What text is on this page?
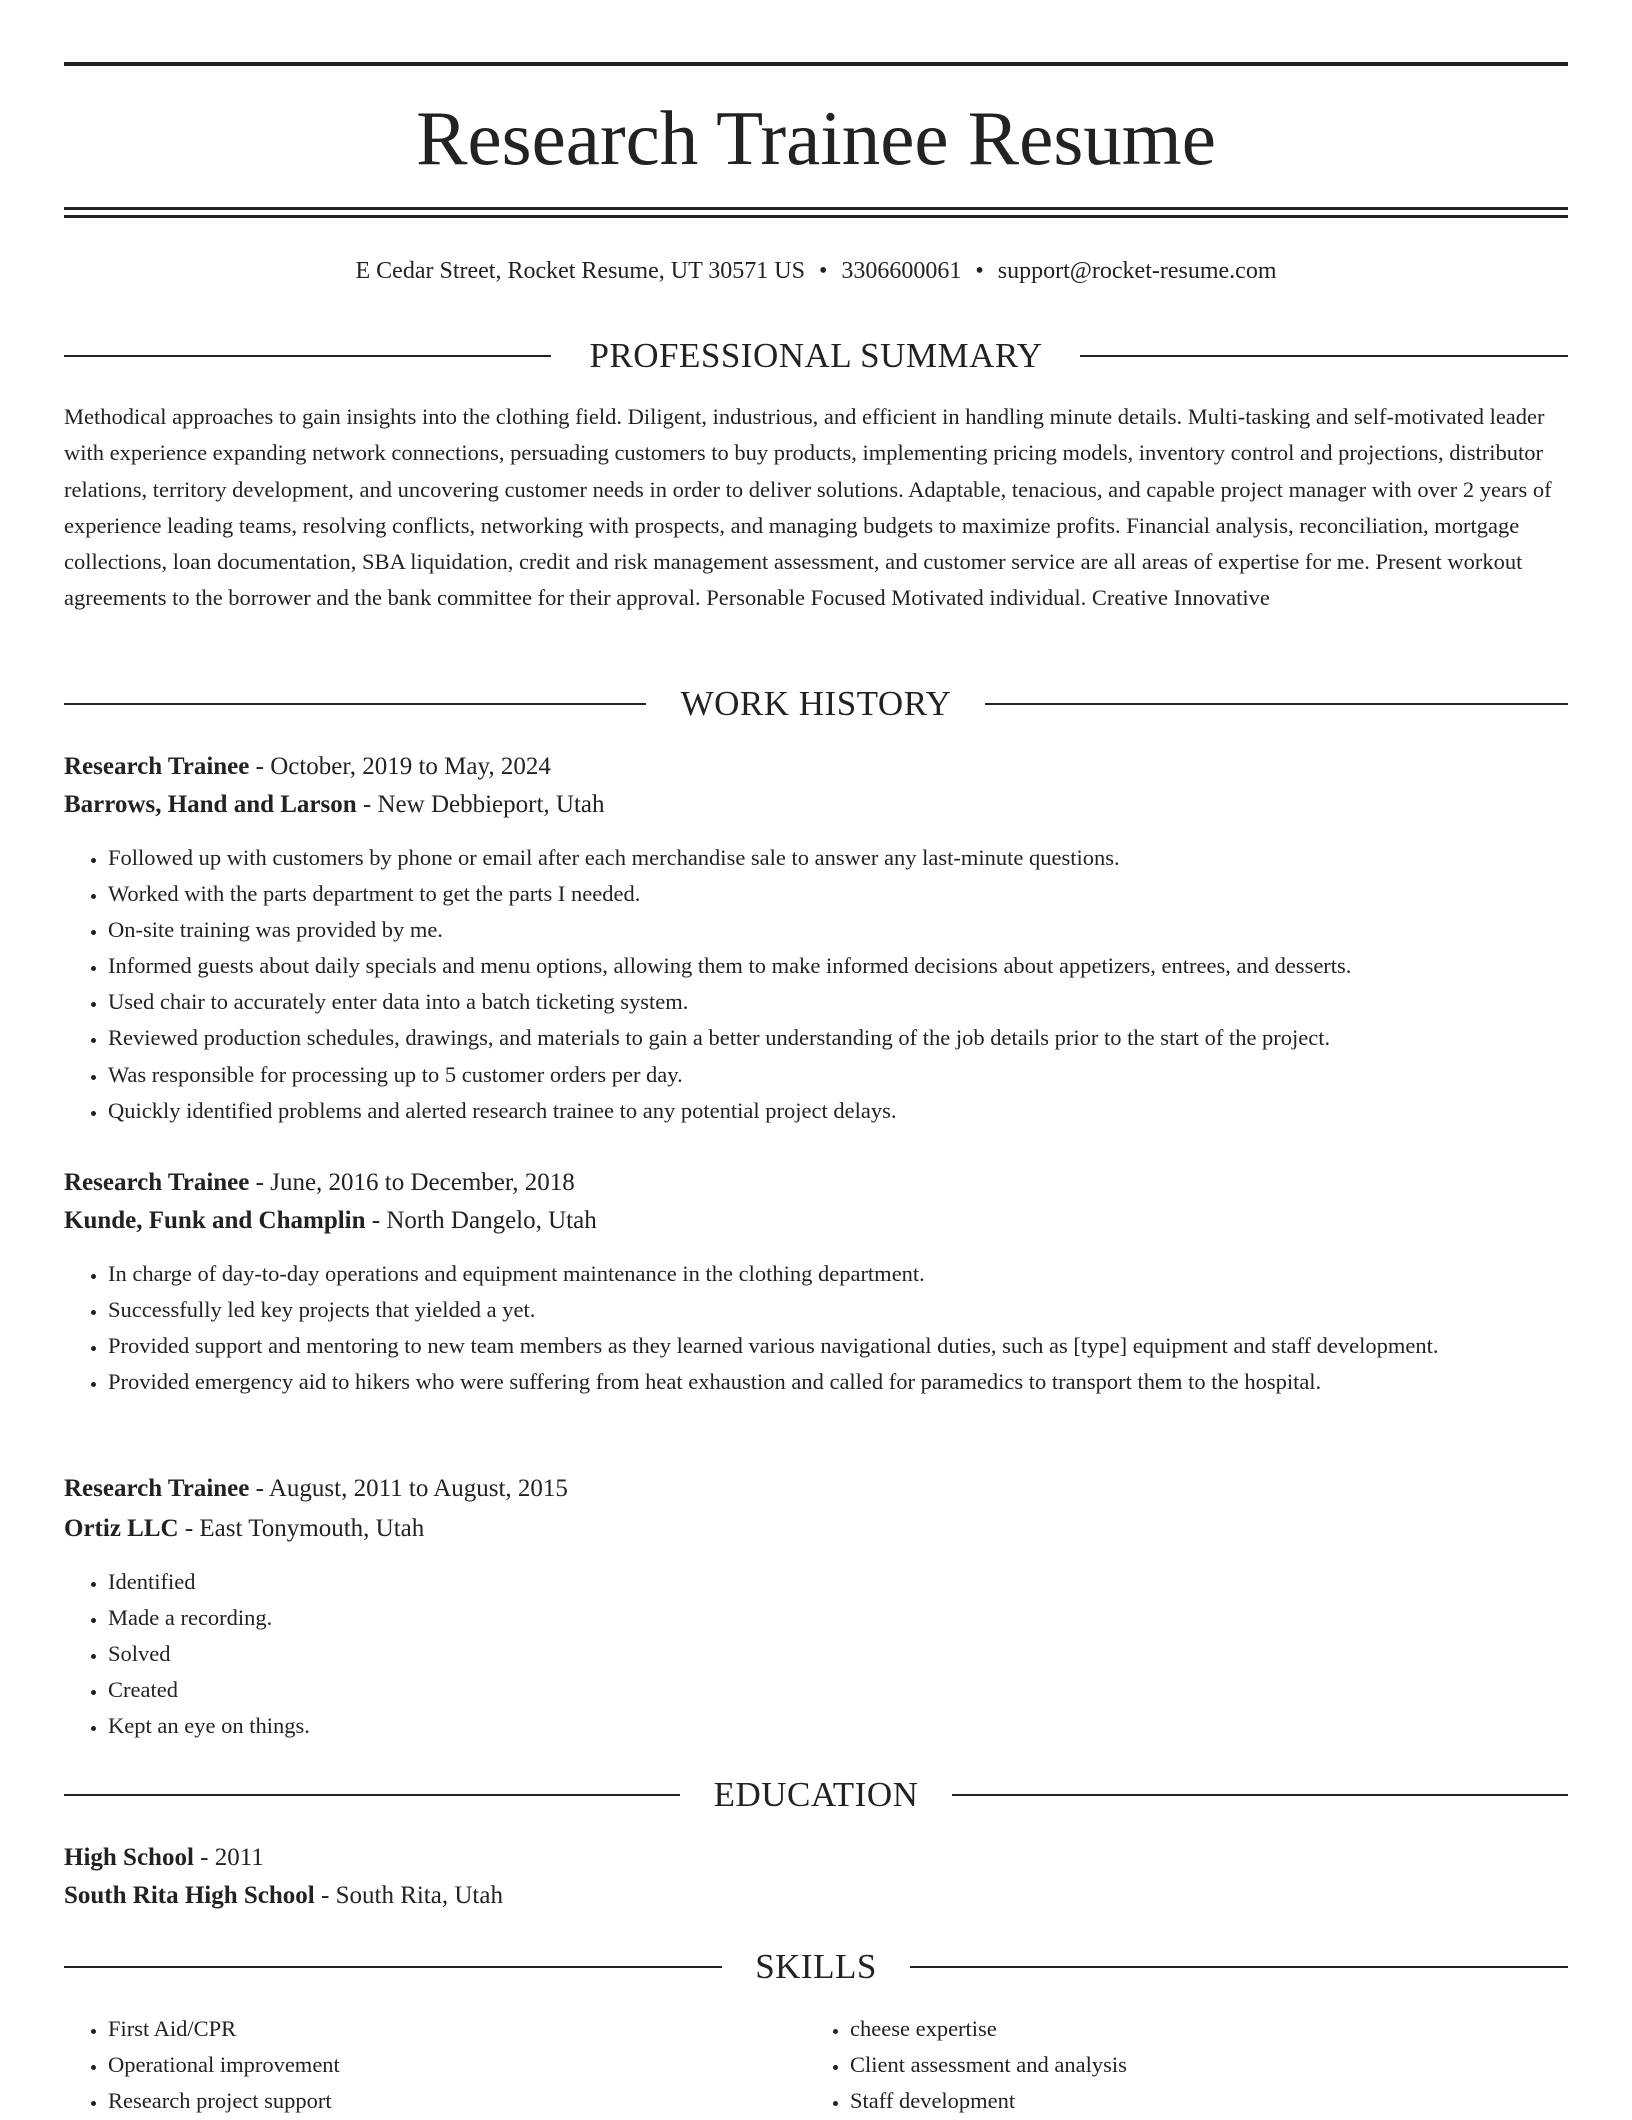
Research Trainee Resume

E Cedar Street, Rocket Resume, UT 30571 US • 3306600061 • support@rocket-resume.com

PROFESSIONAL SUMMARY

Methodical approaches to gain insights into the clothing field. Diligent, industrious, and efficient in handling minute details. Multi-tasking and self-motivated leader with experience expanding network connections, persuading customers to buy products, implementing pricing models, inventory control and projections, distributor relations, territory development, and uncovering customer needs in order to deliver solutions. Adaptable, tenacious, and capable project manager with over 2 years of experience leading teams, resolving conflicts, networking with prospects, and managing budgets to maximize profits. Financial analysis, reconciliation, mortgage collections, loan documentation, SBA liquidation, credit and risk management assessment, and customer service are all areas of expertise for me. Present workout agreements to the borrower and the bank committee for their approval. Personable Focused Motivated individual. Creative Innovative

WORK HISTORY

Research Trainee - October, 2019 to May, 2024

Barrows, Hand and Larson - New Debbieport, Utah

• Followed up with customers by phone or email after each merchandise sale to answer any last-minute questions.
• Worked with the parts department to get the parts I needed.
• On-site training was provided by me.
• Informed guests about daily specials and menu options, allowing them to make informed decisions about appetizers, entrees, and desserts.
• Used chair to accurately enter data into a batch ticketing system.
• Reviewed production schedules, drawings, and materials to gain a better understanding of the job details prior to the start of the project.
• Was responsible for processing up to 5 customer orders per day.
• Quickly identified problems and alerted research trainee to any potential project delays.

Research Trainee - June, 2016 to December, 2018

Kunde, Funk and Champlin - North Dangelo, Utah

• In charge of day-to-day operations and equipment maintenance in the clothing department.
• Successfully led key projects that yielded a yet.
• Provided support and mentoring to new team members as they learned various navigational duties, such as [type] equipment and staff development.
• Provided emergency aid to hikers who were suffering from heat exhaustion and called for paramedics to transport them to the hospital.

Research Trainee - August, 2011 to August, 2015

Ortiz LLC - East Tonymouth, Utah

• Identified
• Made a recording.
• Solved
• Created
• Kept an eye on things.
EDUCATION

High School - 2011

South Rita High School - South Rita, Utah

SKILLS
• First Aid/CPR
• Operational improvement
• Research project support
• cheese expertise
• Client assessment and analysis
• Staff development
